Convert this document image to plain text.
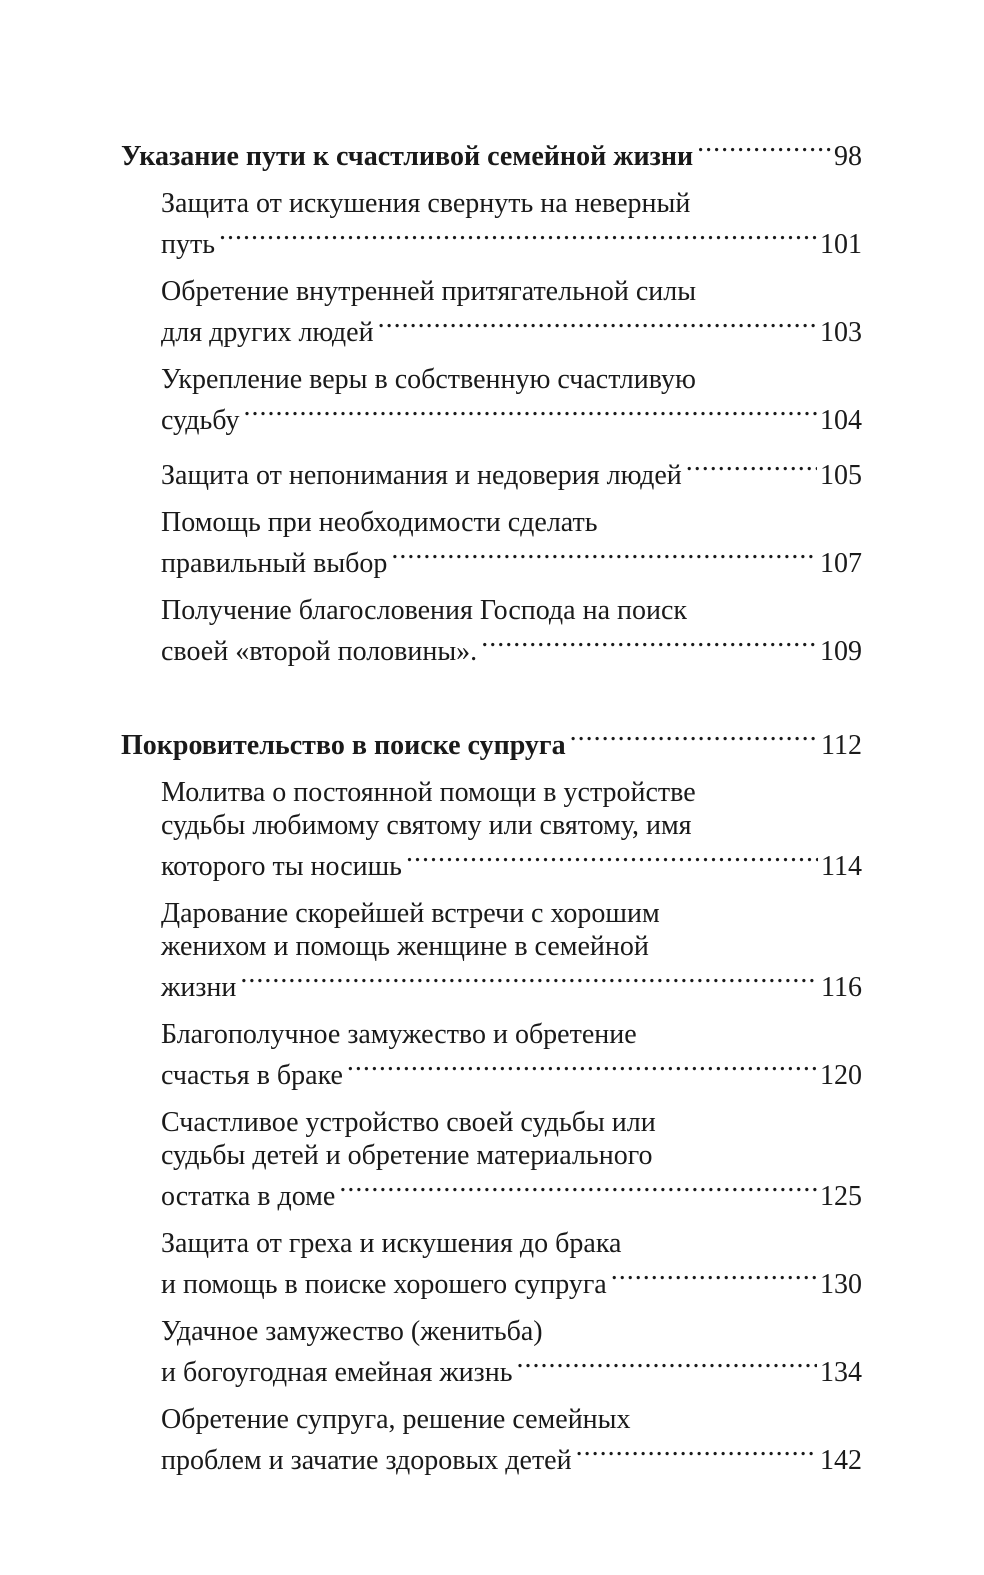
Указание пути к счастливой семейной жизни .....	98
Защита от искушения свернуть на неверный
путь .....	101
Обретение внутренней притягательной силы
для других людей .....	103
Укрепление веры в собственную счастливую
судьбу .....	104
Защита от непонимания и недоверия людей .....	105
Помощь при необходимости сделать
правильный выбор .....	107
Получение благословения Господа на поиск
своей «второй половины». .....	109
Покровительство в поиске супруга .....	112
Молитва о постоянной помощи в устройстве
судьбы любимому святому или святому, имя
которого ты носишь .....	114
Дарование скорейшей встречи с хорошим
женихом и помощь женщине в семейной
жизни .....	116
Благополучное замужество и обретение
счастья в браке .....	120
Счастливое устройство своей судьбы или
судьбы детей и обретение материального
остатка в доме .....	125
Защита от греха и искушения до брака
и помощь в поиске хорошего супруга .....	130
Удачное замужество (женитьба)
и богоугодная емейная жизнь .....	134
Обретение супруга, решение семейных
проблем и зачатие здоровых детей .....	142
